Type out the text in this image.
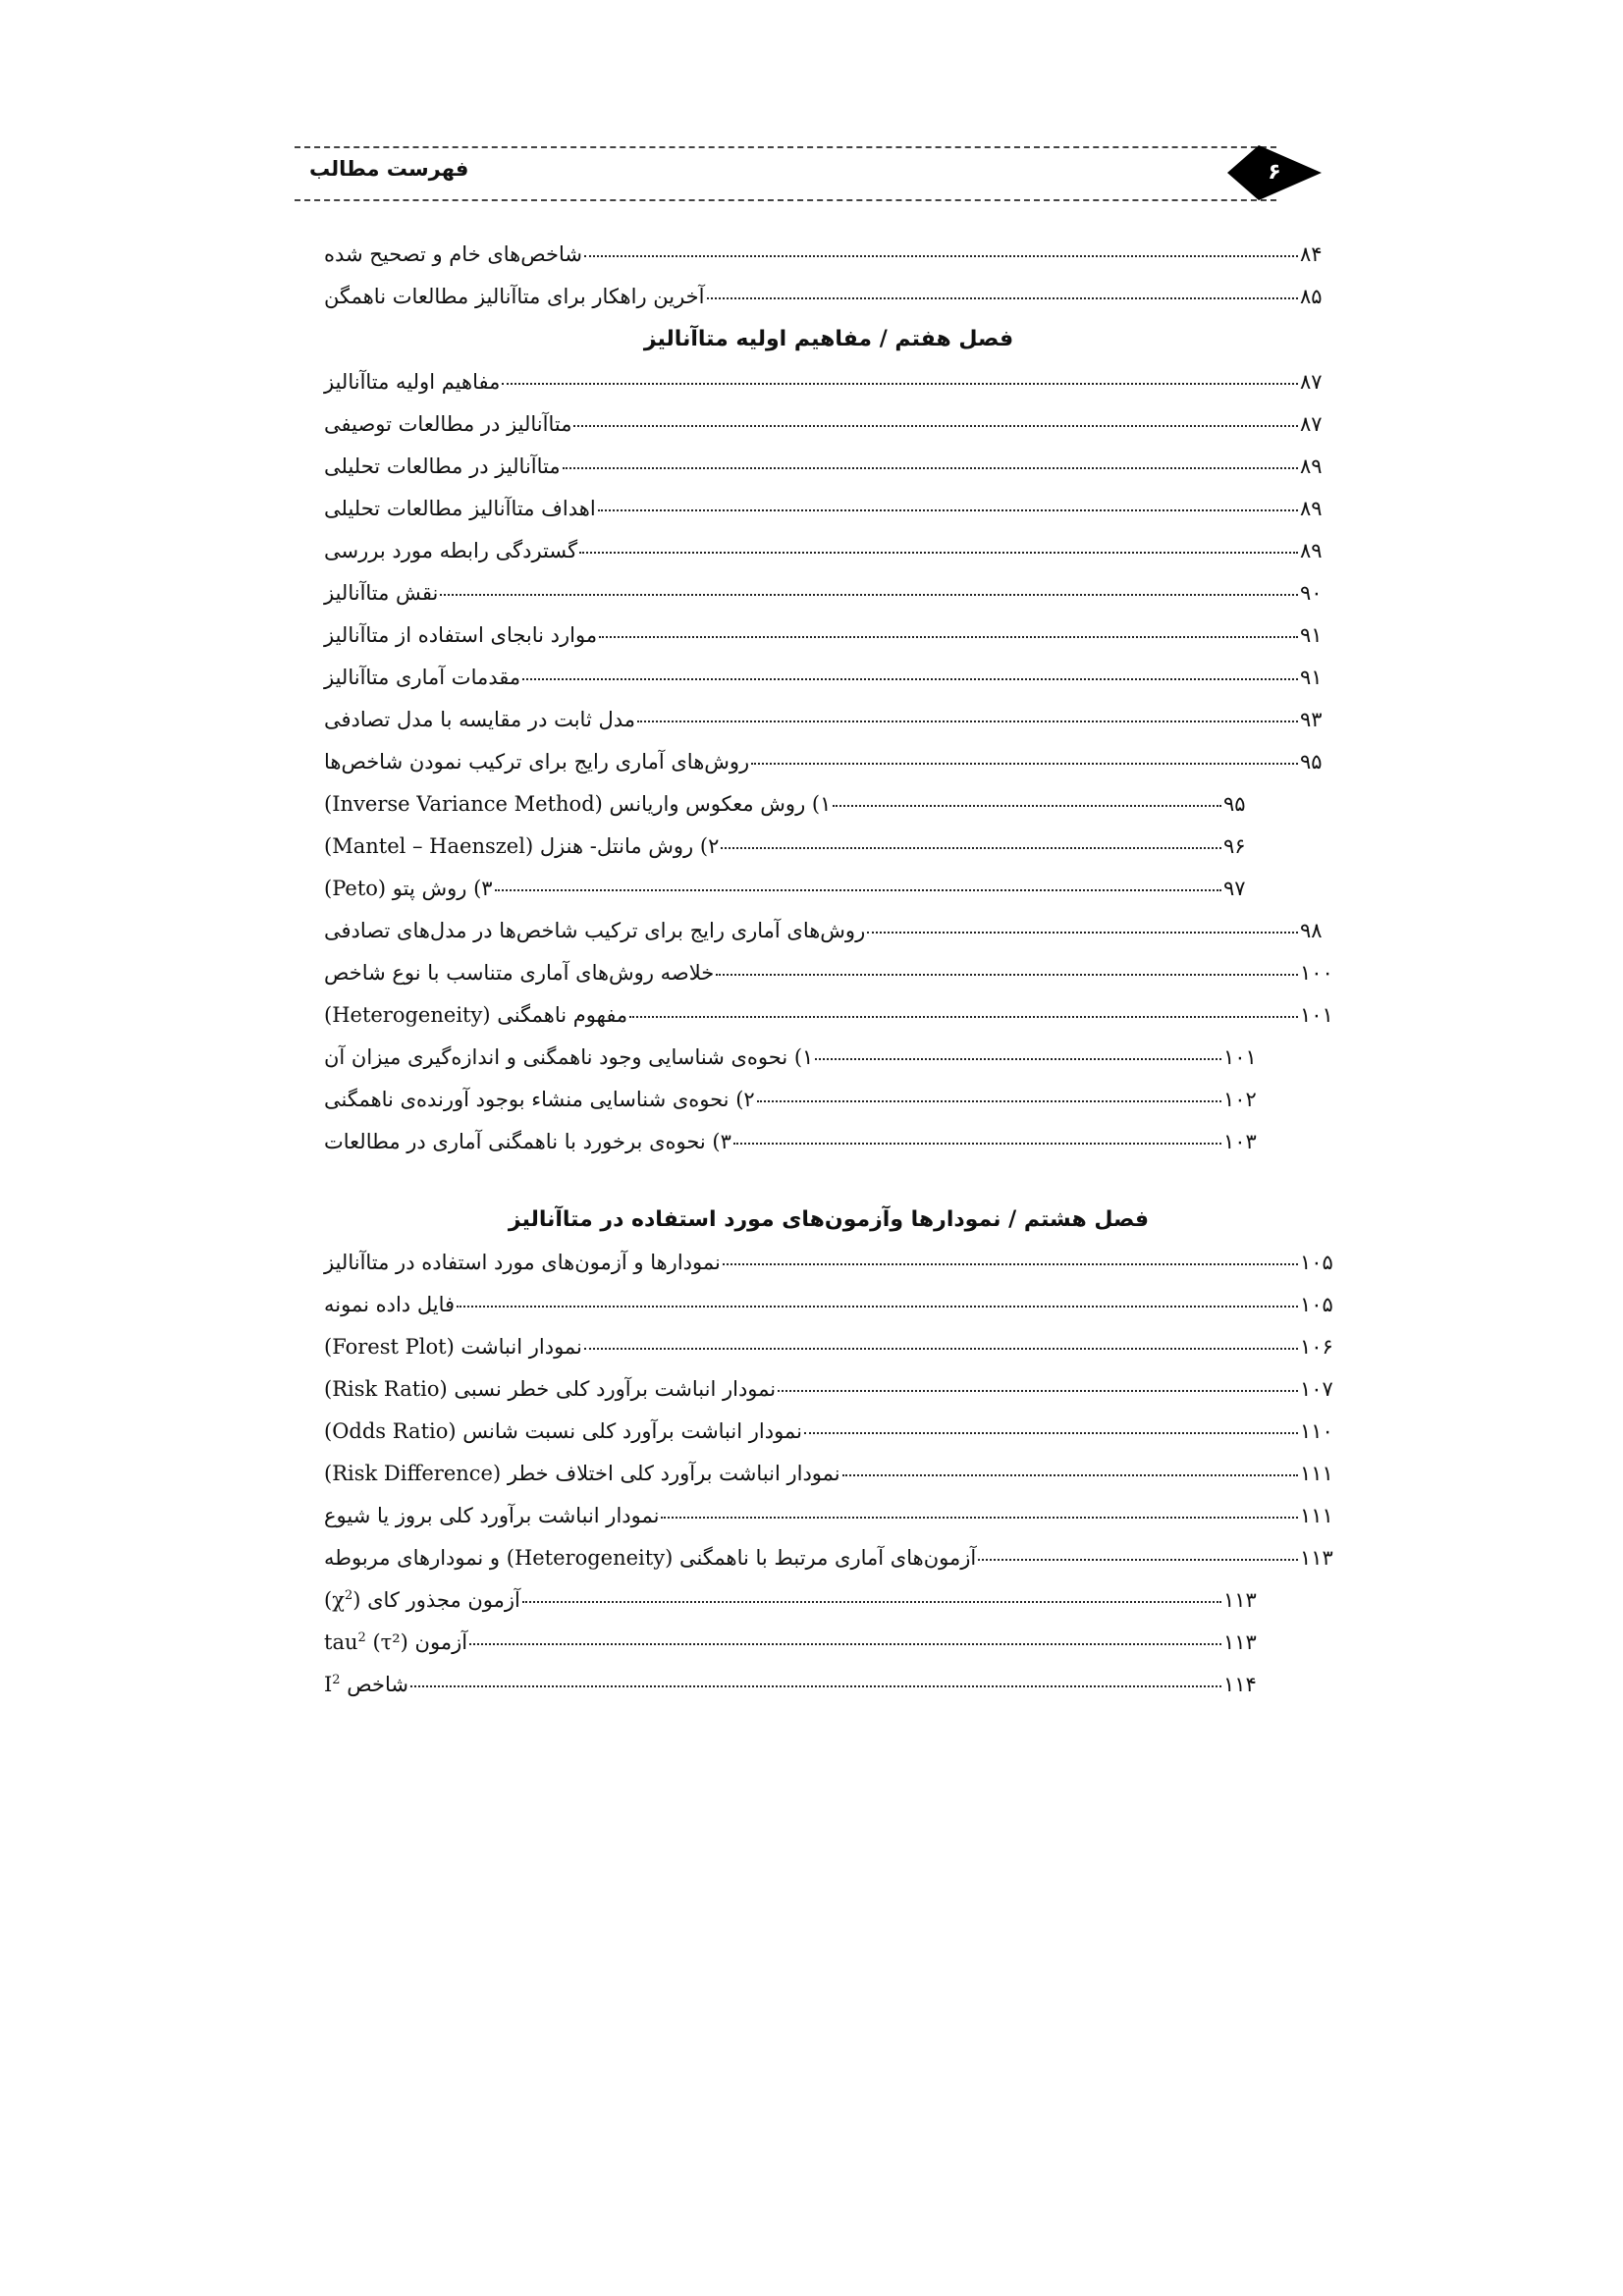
۶
فهرست مطالب
شاخص‌های خام و تصحیح شده	۸۴
آخرین راهکار برای متاآنالیز مطالعات ناهمگن	۸۵
فصل هفتم / مفاهیم اولیه متاآنالیز
مفاهیم اولیه متاآنالیز	۸۷
متاآنالیز در مطالعات توصیفی	۸۷
متاآنالیز در مطالعات تحلیلی	۸۹
اهداف متاآنالیز مطالعات تحلیلی	۸۹
گستردگی رابطه مورد بررسی	۸۹
نقش متاآنالیز	۹۰
موارد نابجای استفاده از متاآنالیز	۹۱
مقدمات آماری متاآنالیز	۹۱
مدل ثابت در مقایسه با مدل تصادفی	۹۳
روش‌های آماری رایج برای ترکیب نمودن شاخص‌ها	۹۵
۱) روش معکوس واریانس (Inverse Variance Method)	۹۵
۲) روش مانتل- هنزل (Mantel – Haenszel)	۹۶
۳) روش پتو (Peto)	۹۷
روش‌های آماری رایج برای ترکیب شاخص‌ها در مدل‌های تصادفی	۹۸
خلاصه روش‌های آماری متناسب با نوع شاخص	۱۰۰
مفهوم ناهمگنی (Heterogeneity)	۱۰۱
۱) نحوه‌ی شناسایی وجود ناهمگنی و اندازه‌گیری میزان آن	۱۰۱
۲) نحوه‌ی شناسایی منشاء بوجود آورنده‌ی ناهمگنی	۱۰۲
۳) نحوه‌ی برخورد با ناهمگنی آماری در مطالعات	۱۰۳
فصل هشتم / نمودارها وآزمون‌های مورد استفاده در متاآنالیز
نمودارها و آزمون‌های مورد استفاده در متاآنالیز	۱۰۵
فایل داده نمونه	۱۰۵
نمودار انباشت (Forest Plot)	۱۰۶
نمودار انباشت برآورد کلی خطر نسبی (Risk Ratio)	۱۰۷
نمودار انباشت برآورد کلی نسبت شانس (Odds Ratio)	۱۱۰
نمودار انباشت برآورد کلی اختلاف خطر (Risk Difference)	۱۱۱
نمودار انباشت برآورد کلی بروز یا شیوع	۱۱۱
آزمون‌های آماری مرتبط با ناهمگنی (Heterogeneity) و نمودارهای مربوطه	۱۱۳
آزمون مجذور کای $(\chi^2)$	۱۱۳
آزمون tau$^2$ (τ²)	۱۱۳
شاخص $I^2$	۱۱۴
